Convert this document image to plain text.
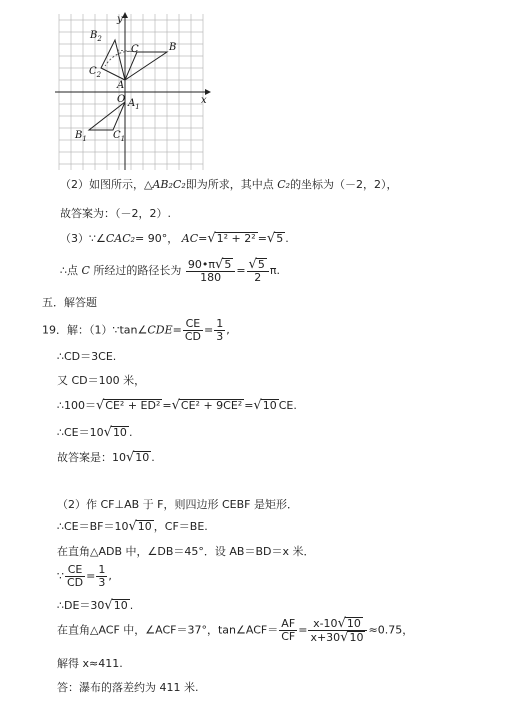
y
x
$B_2$
C	B
$C_2$
A
O $A_1$
$B_1$	$C_1$
（2）如图所示，△AB₂C₂即为所求，其中点 C₂的坐标为（－2，2），
故答案为：（－2，2）.
（3）∵∠CAC₂= 90°， AC=√1² + 2² =√5 .
∴点 C 所经过的路径长为 $\frac{90•\pi√5}{180} = \frac{√5}{2} \pi$.
五．解答题
19．解：（1）∵tan∠CDE= $\frac{CE}{CD} = \frac{1}{3}$ ,
∴CD＝3CE.
又 CD＝100 米，
∴100＝√CE² + ED² =√CE² + 9CE² =√10 CE.
∴CE＝10√10 .
故答案是：10√10 .
（2）作 CF⊥AB 于 F，则四边形 CEBF 是矩形．
∴CE＝BF＝10√10 ，CF＝BE.
在直角△ADB 中，∠DB＝45°．设 AB＝BD＝x 米．
∵ $\frac{CE}{CD} = \frac{1}{3}$ ,
∴DE＝30√10 .
在直角△ACF 中，∠ACF＝37°，tan∠ACF＝ $\frac{AF}{CF} = \frac{x-10√10}{x+30√10} \approx 0.75$，
解得 x≈411.
答：瀑布的落差约为 411 米.
